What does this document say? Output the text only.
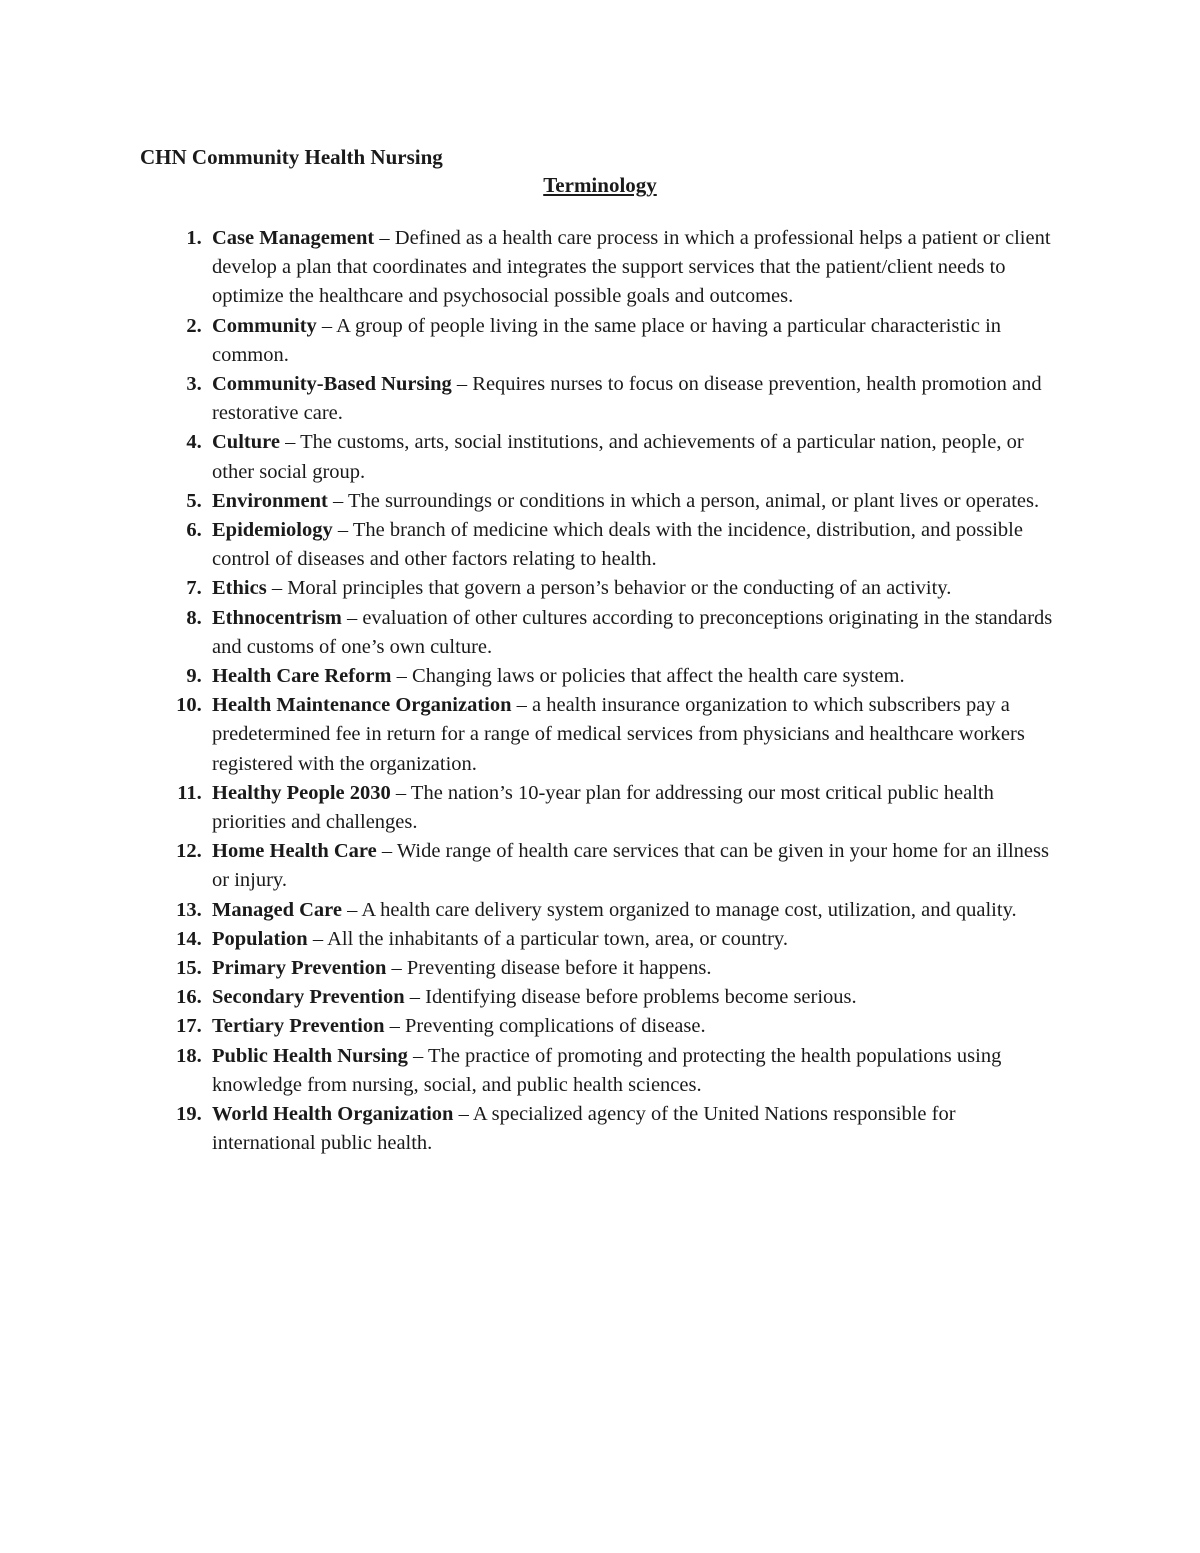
CHN Community Health Nursing
Terminology
1. Case Management – Defined as a health care process in which a professional helps a patient or client develop a plan that coordinates and integrates the support services that the patient/client needs to optimize the healthcare and psychosocial possible goals and outcomes.
2. Community – A group of people living in the same place or having a particular characteristic in common.
3. Community-Based Nursing – Requires nurses to focus on disease prevention, health promotion and restorative care.
4. Culture – The customs, arts, social institutions, and achievements of a particular nation, people, or other social group.
5. Environment – The surroundings or conditions in which a person, animal, or plant lives or operates.
6. Epidemiology – The branch of medicine which deals with the incidence, distribution, and possible control of diseases and other factors relating to health.
7. Ethics – Moral principles that govern a person’s behavior or the conducting of an activity.
8. Ethnocentrism – evaluation of other cultures according to preconceptions originating in the standards and customs of one’s own culture.
9. Health Care Reform – Changing laws or policies that affect the health care system.
10. Health Maintenance Organization – a health insurance organization to which subscribers pay a predetermined fee in return for a range of medical services from physicians and healthcare workers registered with the organization.
11. Healthy People 2030 – The nation’s 10-year plan for addressing our most critical public health priorities and challenges.
12. Home Health Care – Wide range of health care services that can be given in your home for an illness or injury.
13. Managed Care – A health care delivery system organized to manage cost, utilization, and quality.
14. Population – All the inhabitants of a particular town, area, or country.
15. Primary Prevention – Preventing disease before it happens.
16. Secondary Prevention – Identifying disease before problems become serious.
17. Tertiary Prevention – Preventing complications of disease.
18. Public Health Nursing – The practice of promoting and protecting the health populations using knowledge from nursing, social, and public health sciences.
19. World Health Organization – A specialized agency of the United Nations responsible for international public health.
